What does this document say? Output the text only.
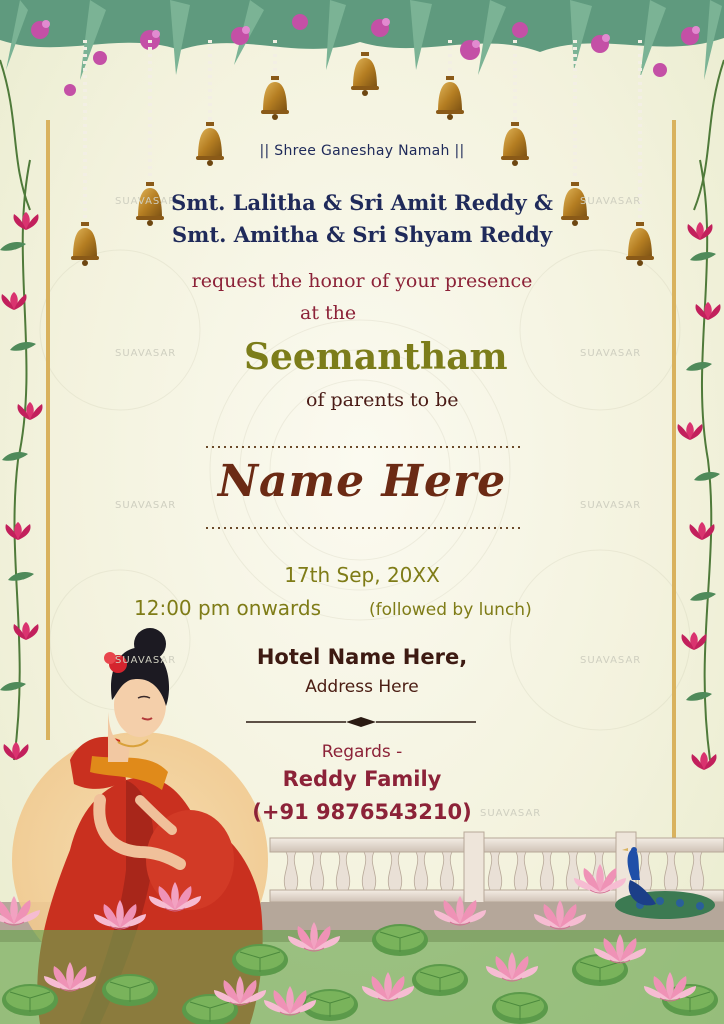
SUAVASAR	SUAVASAR
SUAVASAR	SUAVASAR
SUAVASAR	SUAVASAR
SUAVASAR	SUAVASAR
SUAVASAR

|| Shree Ganeshay Namah ||

Smt. Lalitha & Sri Amit Reddy &

Smt. Amitha & Sri Shyam Reddy

request the honor of your presence

at the

Seemantham

of parents to be

Name Here

17th Sep, 20XX

12:00 pm onwards	(followed by lunch)

Hotel Name Here,

Address Here

Regards -

Reddy Family

(+91 9876543210)
